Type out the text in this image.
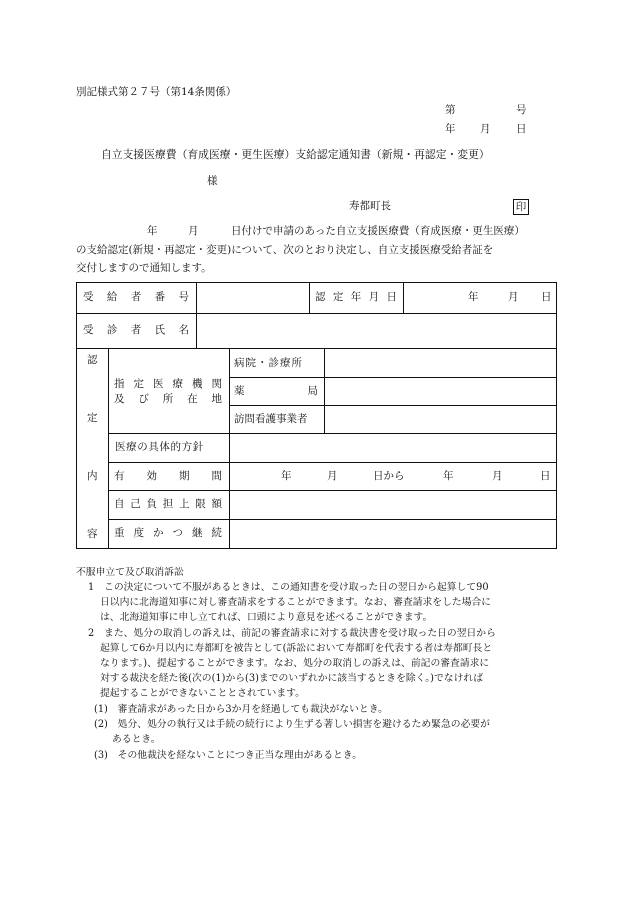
別記様式第２７号（第14条関係）
第	号
年 月 日
自立支援医療費（育成医療・更生医療）支給認定通知書（新規・再認定・変更）
様
寿都町長	印
年	月	日付けで申請のあった自立支援医療費（育成医療・更生医療）
の支給認定(新規・再認定・変更)について、次のとおり決定し、自立支援医療受給者証を
交付しますので通知します。
受 給 者 番 号	認 定 年 月 日	年	月 日
受 診 者 氏 名
認
定
内
容
指 定 医 療 機 関
及 び 所 在 地
病院・診療所
薬	局
訪問看護事業者
医療の具体的方針
有 効 期 間	年	月	日から	年	月	日
自 己 負 担 上 限 額
重 度 か つ 継 続
不服申立て及び取消訴訟
1　この決定について不服があるときは、この通知書を受け取った日の翌日から起算して90
日以内に北海道知事に対し審査請求をすることができます。なお、審査請求をした場合に
は、北海道知事に申し立てれば、口頭により意見を述べることができます。
2　また、処分の取消しの訴えは、前記の審査請求に対する裁決書を受け取った日の翌日から
起算して6か月以内に寿都町を被告として(訴訟において寿都町を代表する者は寿都町長と
なります。)、提起することができます。なお、処分の取消しの訴えは、前記の審査請求に
対する裁決を経た後(次の(1)から(3)までのいずれかに該当するときを除く。)でなければ
提起することができないこととされています。
(1)　審査請求があった日から3か月を経過しても裁決がないとき。
(2)　処分、処分の執行又は手続の続行により生ずる著しい損害を避けるため緊急の必要が
あるとき。
(3)　その他裁決を経ないことにつき正当な理由があるとき。
